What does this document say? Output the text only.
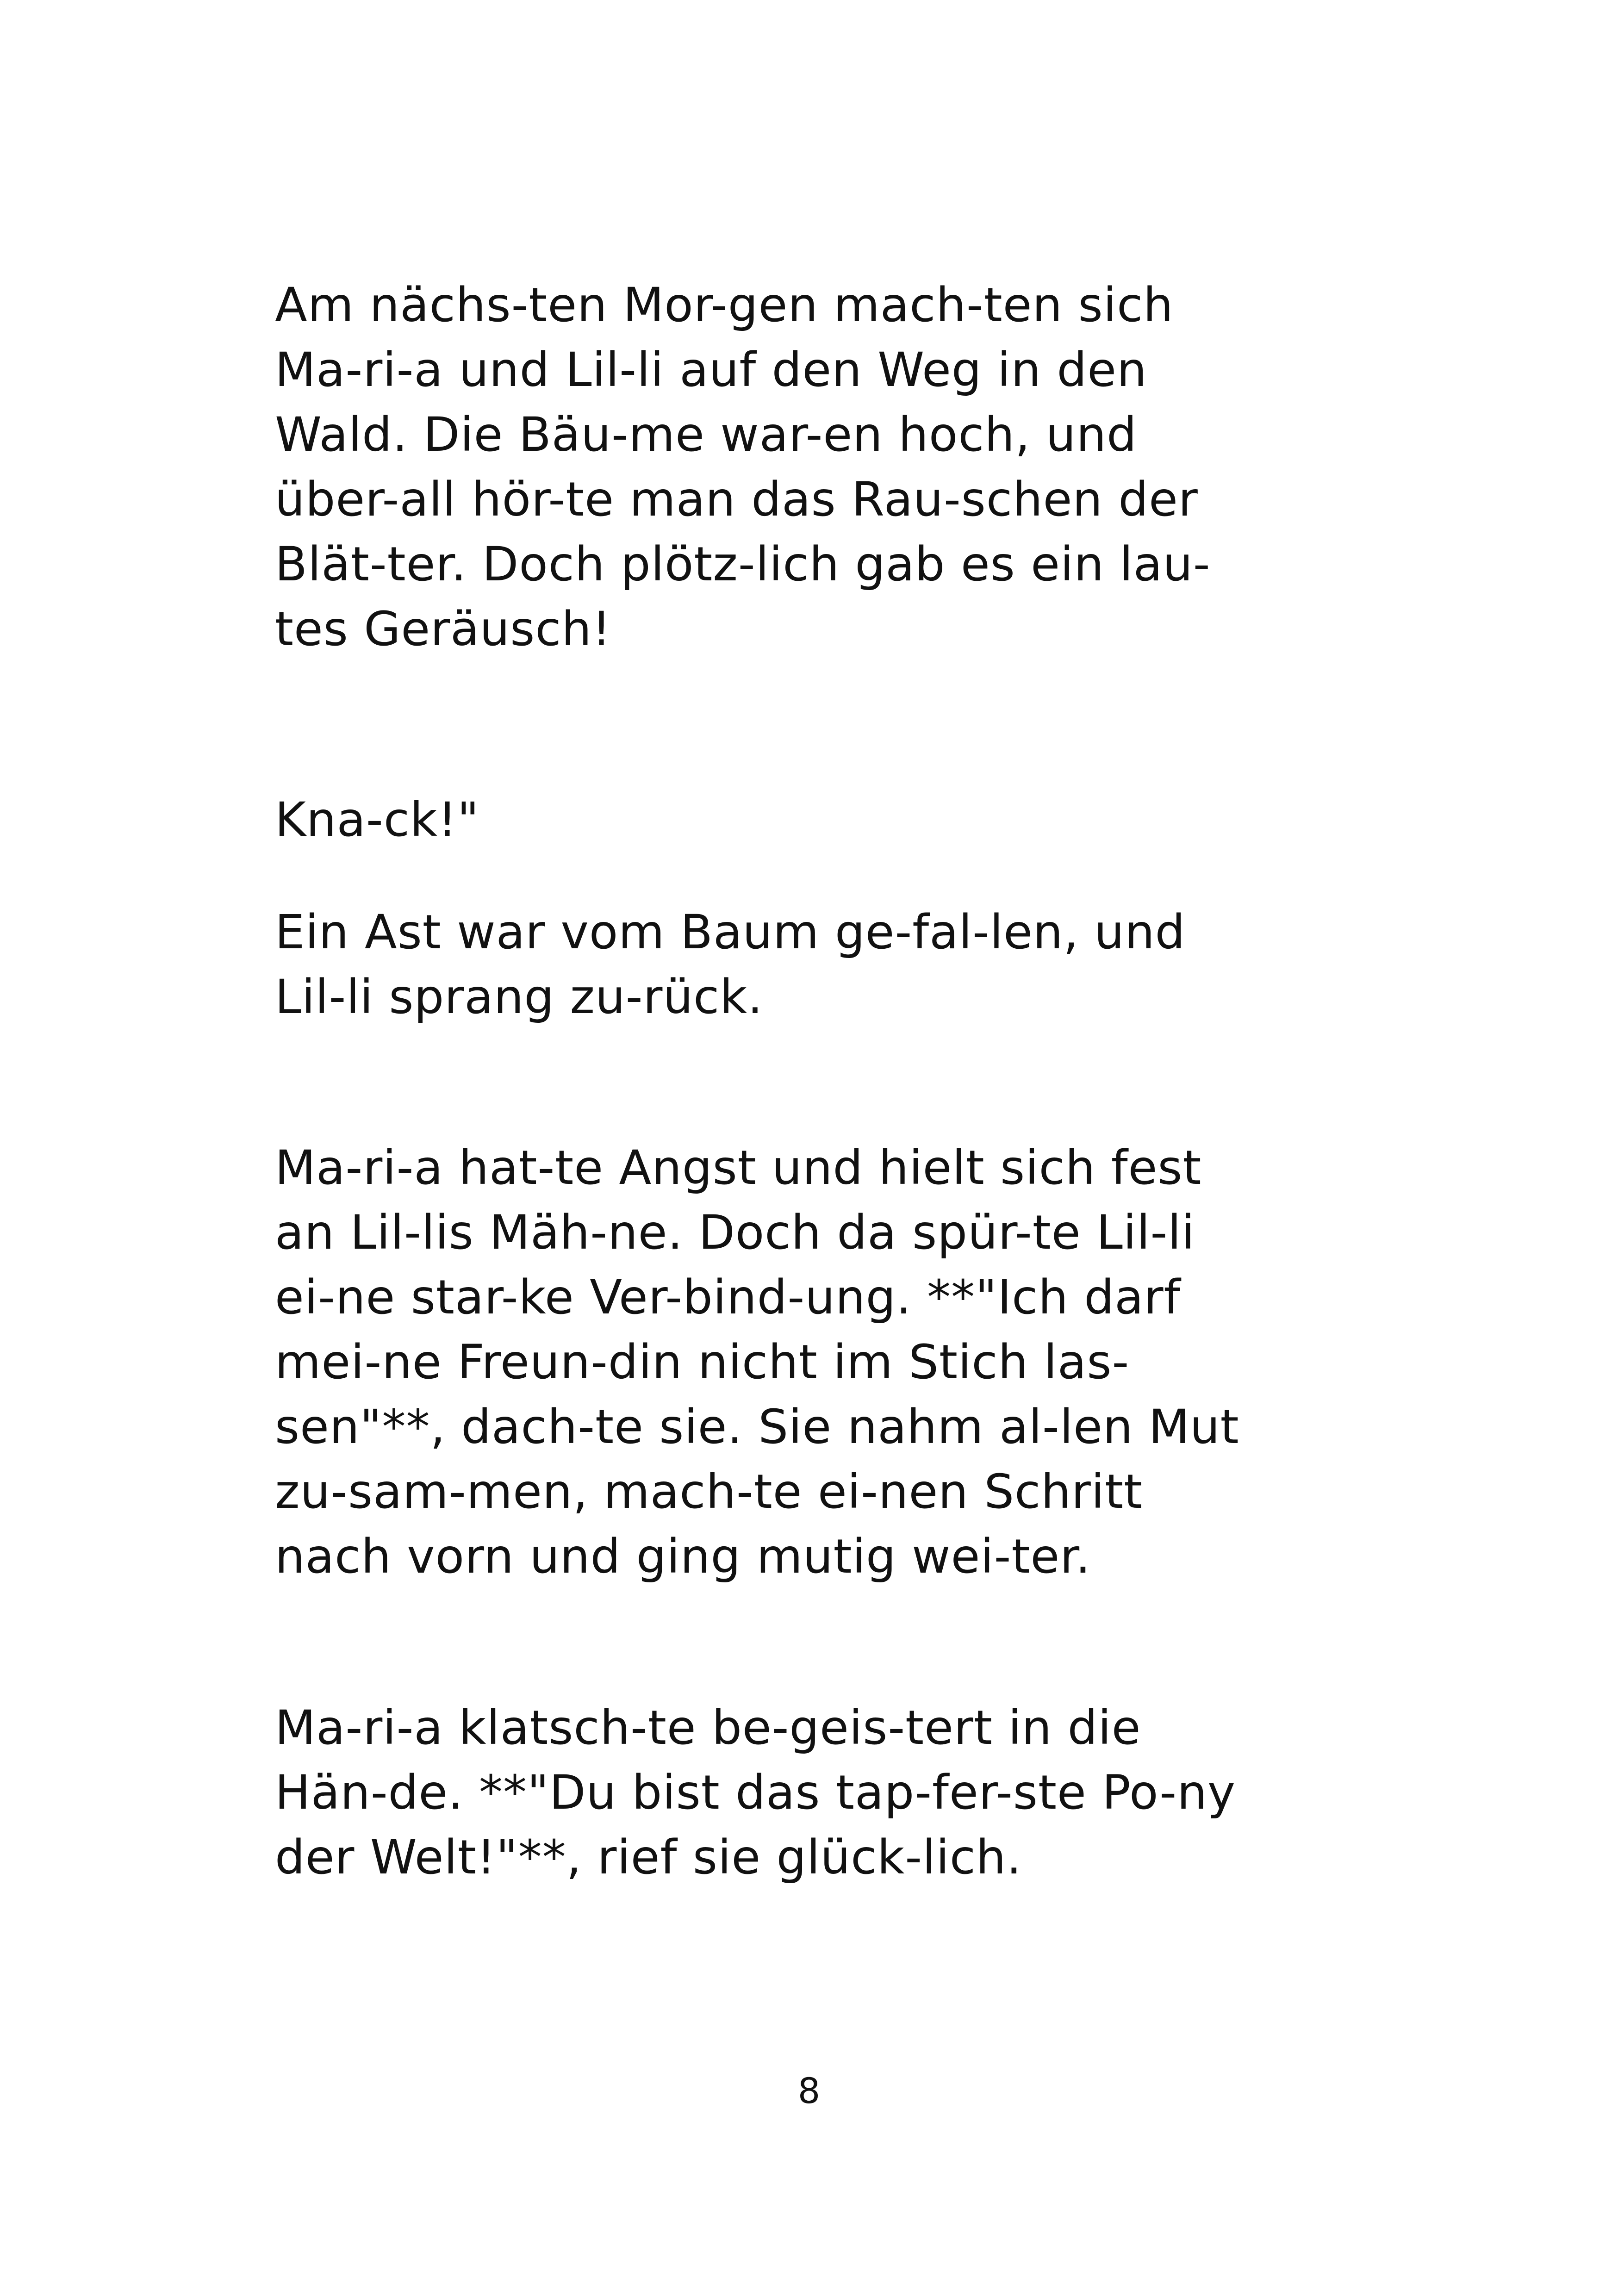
Am nächs-ten Mor-gen mach-ten sich
Ma-ri-a und Lil-li auf den Weg in den
Wald. Die Bäu-me war-en hoch, und
über-all hör-te man das Rau-schen der
Blät-ter. Doch plötz-lich gab es ein lau-
tes Geräusch!

Kna-ck!"

Ein Ast war vom Baum ge-fal-len, und
Lil-li sprang zu-rück.

Ma-ri-a hat-te Angst und hielt sich fest
an Lil-lis Mäh-ne. Doch da spür-te Lil-li
ei-ne star-ke Ver-bind-ung. **"Ich darf
mei-ne Freun-din nicht im Stich las-
sen"**, dach-te sie. Sie nahm al-len Mut
zu-sam-men, mach-te ei-nen Schritt
nach vorn und ging mutig wei-ter.

Ma-ri-a klatsch-te be-geis-tert in die
Hän-de. **"Du bist das tap-fer-ste Po-ny
der Welt!"**, rief sie glück-lich.

8
